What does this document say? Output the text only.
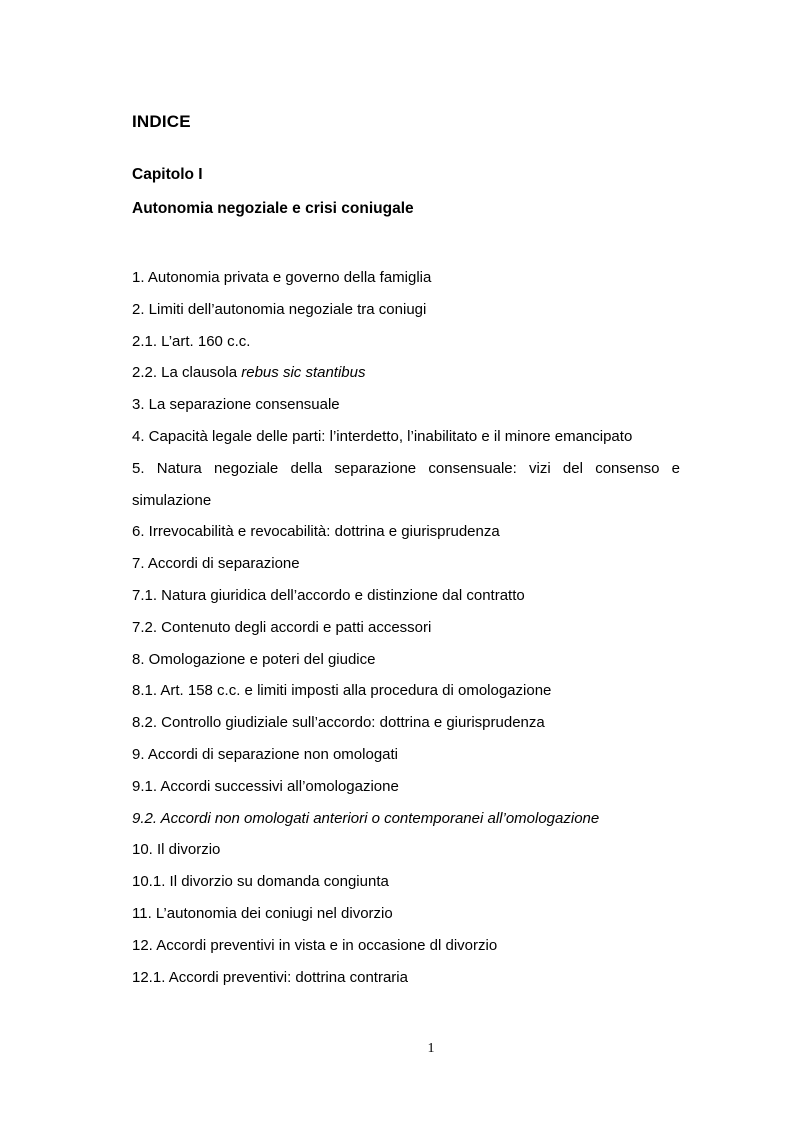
INDICE
Capitolo I
Autonomia negoziale e crisi coniugale
1. Autonomia privata e governo della famiglia
2. Limiti dell’autonomia negoziale tra coniugi
2.1. L’art. 160 c.c.
2.2. La clausola rebus sic stantibus
3. La separazione consensuale
4. Capacità legale delle parti: l’interdetto, l’inabilitato e il minore emancipato
5. Natura negoziale della separazione consensuale: vizi del consenso e
simulazione
6. Irrevocabilità e revocabilità: dottrina e giurisprudenza
7. Accordi di separazione
7.1. Natura giuridica dell’accordo e distinzione dal contratto
7.2. Contenuto degli accordi e patti accessori
8. Omologazione e poteri del giudice
8.1. Art. 158 c.c. e limiti imposti alla procedura di omologazione
8.2. Controllo giudiziale sull’accordo: dottrina e giurisprudenza
9. Accordi di separazione non omologati
9.1. Accordi successivi all’omologazione
9.2. Accordi non omologati anteriori o contemporanei all’omologazione
10. Il divorzio
10.1. Il divorzio su domanda congiunta
11. L’autonomia dei coniugi nel divorzio
12. Accordi preventivi in vista e in occasione dl divorzio
12.1. Accordi preventivi: dottrina contraria
1
